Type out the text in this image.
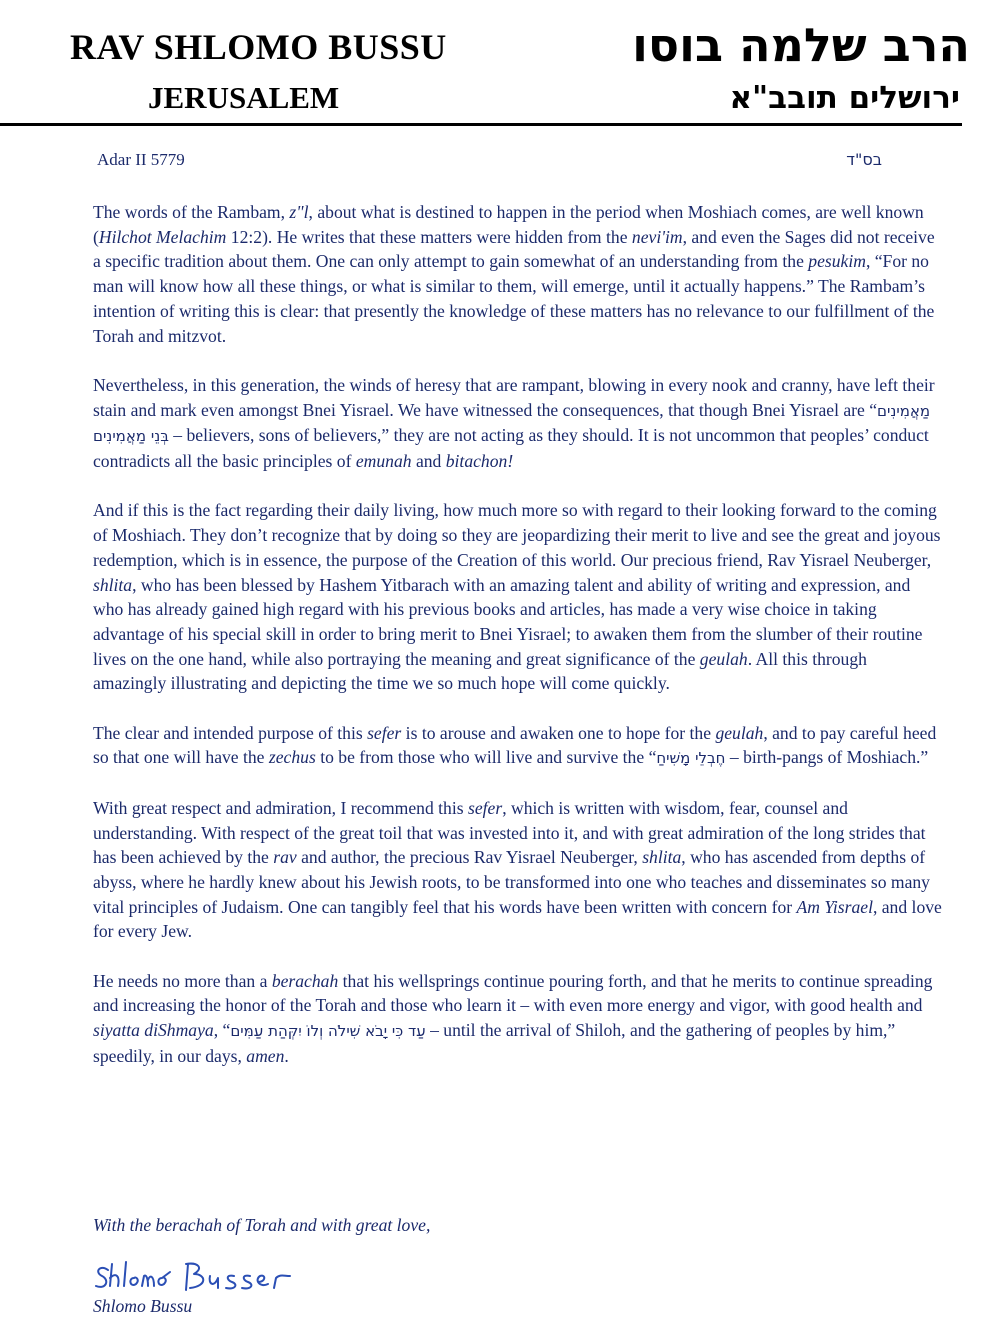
RAV SHLOMO BUSSU
JERUSALEM
הרב שלמה בוסו
ירושלים תובב"א
Adar II 5779	בס"ד

The words of the Rambam, z"l, about what is destined to happen in the period when Moshiach comes, are well known (Hilchot Melachim 12:2). He writes that these matters were hidden from the nevi'im, and even the Sages did not receive a specific tradition about them. One can only attempt to gain somewhat of an understanding from the pesukim, “For no man will know how all these things, or what is similar to them, will emerge, until it actually happens.” The Rambam’s intention of writing this is clear: that presently the knowledge of these matters has no relevance to our fulfillment of the Torah and mitzvot.

Nevertheless, in this generation, the winds of heresy that are rampant, blowing in every nook and cranny, have left their stain and mark even amongst Bnei Yisrael. We have witnessed the consequences, that though Bnei Yisrael are “מַאֲמִינִים בְּנֵי מַאֲמִינִים – believers, sons of believers,” they are not acting as they should. It is not uncommon that peoples’ conduct contradicts all the basic principles of emunah and bitachon!

And if this is the fact regarding their daily living, how much more so with regard to their looking forward to the coming of Moshiach. They don’t recognize that by doing so they are jeopardizing their merit to live and see the great and joyous redemption, which is in essence, the purpose of the Creation of this world. Our precious friend, Rav Yisrael Neuberger, shlita, who has been blessed by Hashem Yitbarach with an amazing talent and ability of writing and expression, and who has already gained high regard with his previous books and articles, has made a very wise choice in taking advantage of his special skill in order to bring merit to Bnei Yisrael; to awaken them from the slumber of their routine lives on the one hand, while also portraying the meaning and great significance of the geulah. All this through amazingly illustrating and depicting the time we so much hope will come quickly.

The clear and intended purpose of this sefer is to arouse and awaken one to hope for the geulah, and to pay careful heed so that one will have the zechus to be from those who will live and survive the “חֶבְלֵי מָשִׁיחַ – birth-pangs of Moshiach.”

With great respect and admiration, I recommend this sefer, which is written with wisdom, fear, counsel and understanding. With respect of the great toil that was invested into it, and with great admiration of the long strides that has been achieved by the rav and author, the precious Rav Yisrael Neuberger, shlita, who has ascended from depths of abyss, where he hardly knew about his Jewish roots, to be transformed into one who teaches and disseminates so many vital principles of Judaism. One can tangibly feel that his words have been written with concern for Am Yisrael, and love for every Jew.

He needs no more than a berachah that his wellsprings continue pouring forth, and that he merits to continue spreading and increasing the honor of the Torah and those who learn it – with even more energy and vigor, with good health and siyatta diShmaya, “עַד כִּי יָבֹא שִׁילֹה וְלוֹ יִקְּהַת עַמִּים – until the arrival of Shiloh, and the gathering of peoples by him,” speedily, in our days, amen.

With the berachah of Torah and with great love,
Shlomo Bussu
